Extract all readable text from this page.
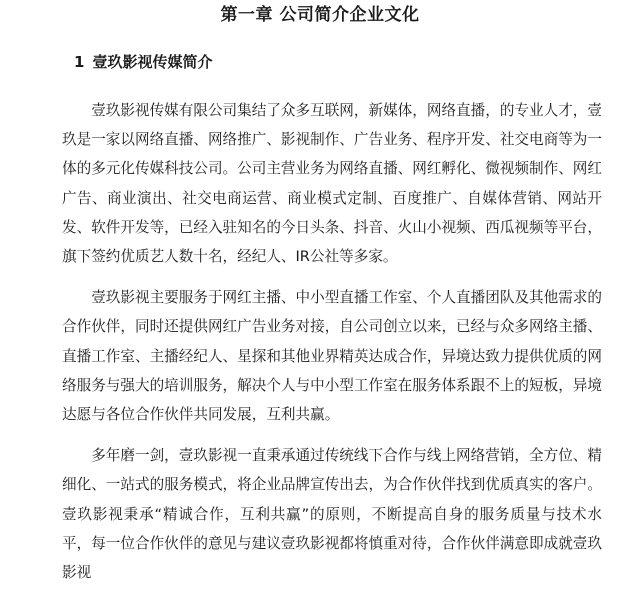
第一章 公司简介企业文化
1 壹玖影视传媒简介

壹玖影视传媒有限公司集结了众多互联网，新媒体，网络直播，的专业人才，壹玖是一家以网络直播、网络推广、影视制作、广告业务、程序开发、社交电商等为一体的多元化传媒科技公司。公司主营业务为网络直播、网红孵化、微视频制作、网红广告、商业演出、社交电商运营、商业模式定制、百度推广、自媒体营销、网站开发、软件开发等，已经入驻知名的今日头条、抖音、火山小视频、西瓜视频等平台，旗下签约优质艺人数十名，经纪人、IR公社等多家。

壹玖影视主要服务于网红主播、中小型直播工作室、个人直播团队及其他需求的合作伙伴，同时还提供网红广告业务对接，自公司创立以来，已经与众多网络主播、直播工作室、主播经纪人、星探和其他业界精英达成合作，异境达致力提供优质的网络服务与强大的培训服务，解决个人与中小型工作室在服务体系跟不上的短板，异境达愿与各位合作伙伴共同发展，互利共赢。

多年磨一剑，壹玖影视一直秉承通过传统线下合作与线上网络营销，全方位、精细化、一站式的服务模式，将企业品牌宣传出去，为合作伙伴找到优质真实的客户。壹玖影视秉承“精诚合作，互利共赢”的原则，不断提高自身的服务质量与技术水平，每一位合作伙伴的意见与建议壹玖影视都将慎重对待，合作伙伴满意即成就壹玖影视
